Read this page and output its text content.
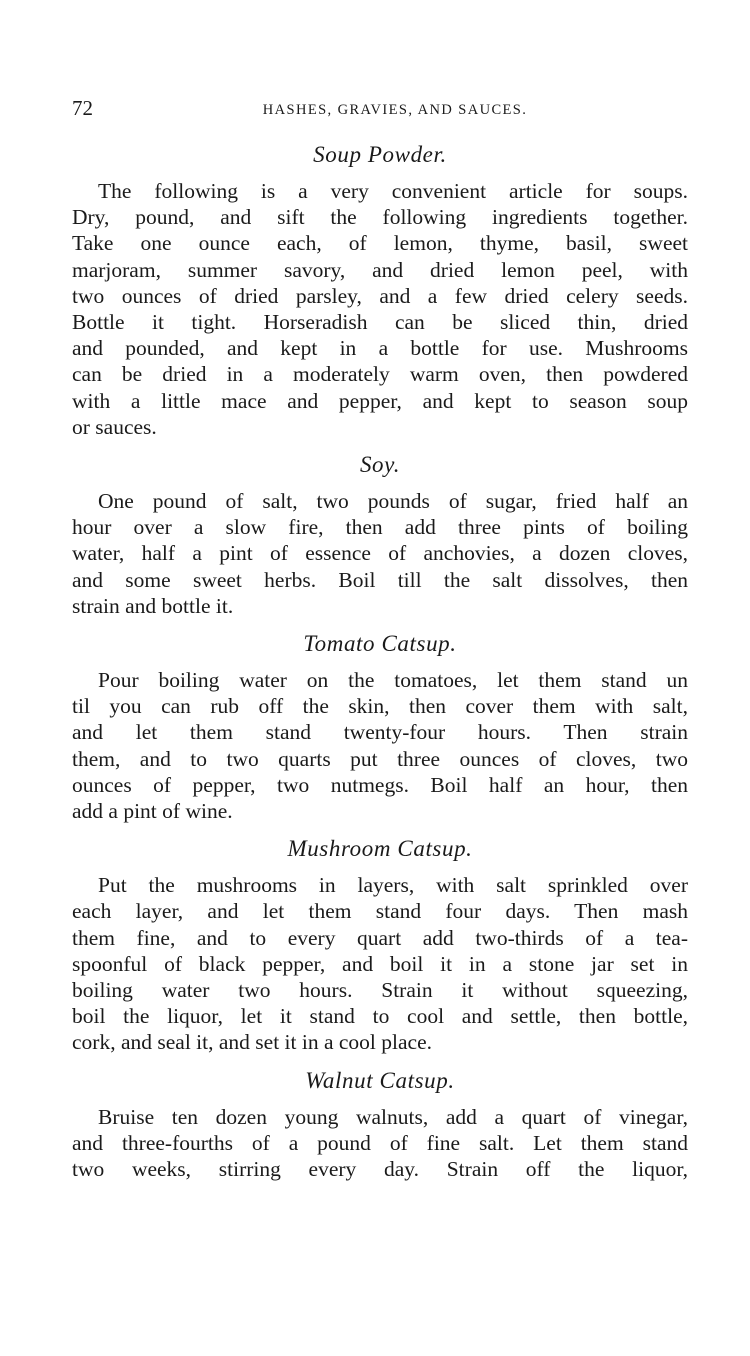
72	HASHES, GRAVIES, AND SAUCES.
Soup Powder.
The following is a very convenient article for soups.
Dry, pound, and sift the following ingredients together.
Take one ounce each, of lemon, thyme, basil, sweet
marjoram, summer savory, and dried lemon peel, with
two ounces of dried parsley, and a few dried celery seeds.
Bottle it tight. Horseradish can be sliced thin, dried
and pounded, and kept in a bottle for use. Mushrooms
can be dried in a moderately warm oven, then powdered
with a little mace and pepper, and kept to season soup
or sauces.
Soy.
One pound of salt, two pounds of sugar, fried half an
hour over a slow fire, then add three pints of boiling
water, half a pint of essence of anchovies, a dozen cloves,
and some sweet herbs. Boil till the salt dissolves, then
strain and bottle it.
Tomato Catsup.
Pour boiling water on the tomatoes, let them stand un
til you can rub off the skin, then cover them with salt,
and let them stand twenty-four hours. Then strain
them, and to two quarts put three ounces of cloves, two
ounces of pepper, two nutmegs. Boil half an hour, then
add a pint of wine.
Mushroom Catsup.
Put the mushrooms in layers, with salt sprinkled over
each layer, and let them stand four days. Then mash
them fine, and to every quart add two-thirds of a tea-
spoonful of black pepper, and boil it in a stone jar set in
boiling water two hours. Strain it without squeezing,
boil the liquor, let it stand to cool and settle, then bottle,
cork, and seal it, and set it in a cool place.
Walnut Catsup.
Bruise ten dozen young walnuts, add a quart of vinegar,
and three-fourths of a pound of fine salt. Let them stand
two weeks, stirring every day. Strain off the liquor,
